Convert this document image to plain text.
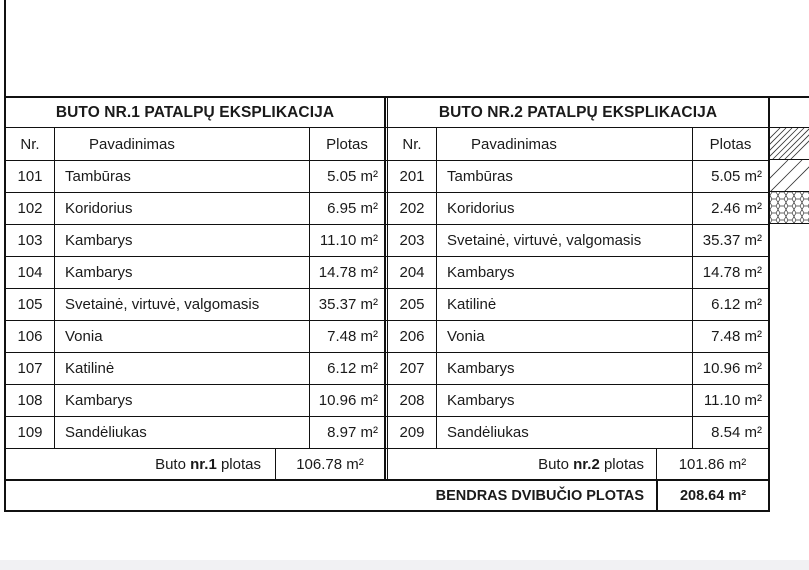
BUTO NR.1 PATALPŲ EKSPLIKACIJA	BUTO NR.2 PATALPŲ EKSPLIKACIJA
Nr.	Pavadinimas	Plotas	Nr.	Pavadinimas	Plotas
101	Tambūras	5.05 m²	201	Tambūras	5.05 m²
102	Koridorius	6.95 m²	202	Koridorius	2.46 m²
103	Kambarys	11.10 m²	203	Svetainė, virtuvė, valgomasis	35.37 m²
104	Kambarys	14.78 m²	204	Kambarys	14.78 m²
105	Svetainė, virtuvė, valgomasis	35.37 m²	205	Katilinė	6.12 m²
106	Vonia	7.48 m²	206	Vonia	7.48 m²
107	Katilinė	6.12 m²	207	Kambarys	10.96 m²
108	Kambarys	10.96 m²	208	Kambarys	11.10 m²
109	Sandėliukas	8.97 m²	209	Sandėliukas	8.54 m²
Buto nr.1 plotas	106.78 m²	Buto nr.2 plotas	101.86 m²
BENDRAS DVIBUČIO PLOTAS	208.64 m²
